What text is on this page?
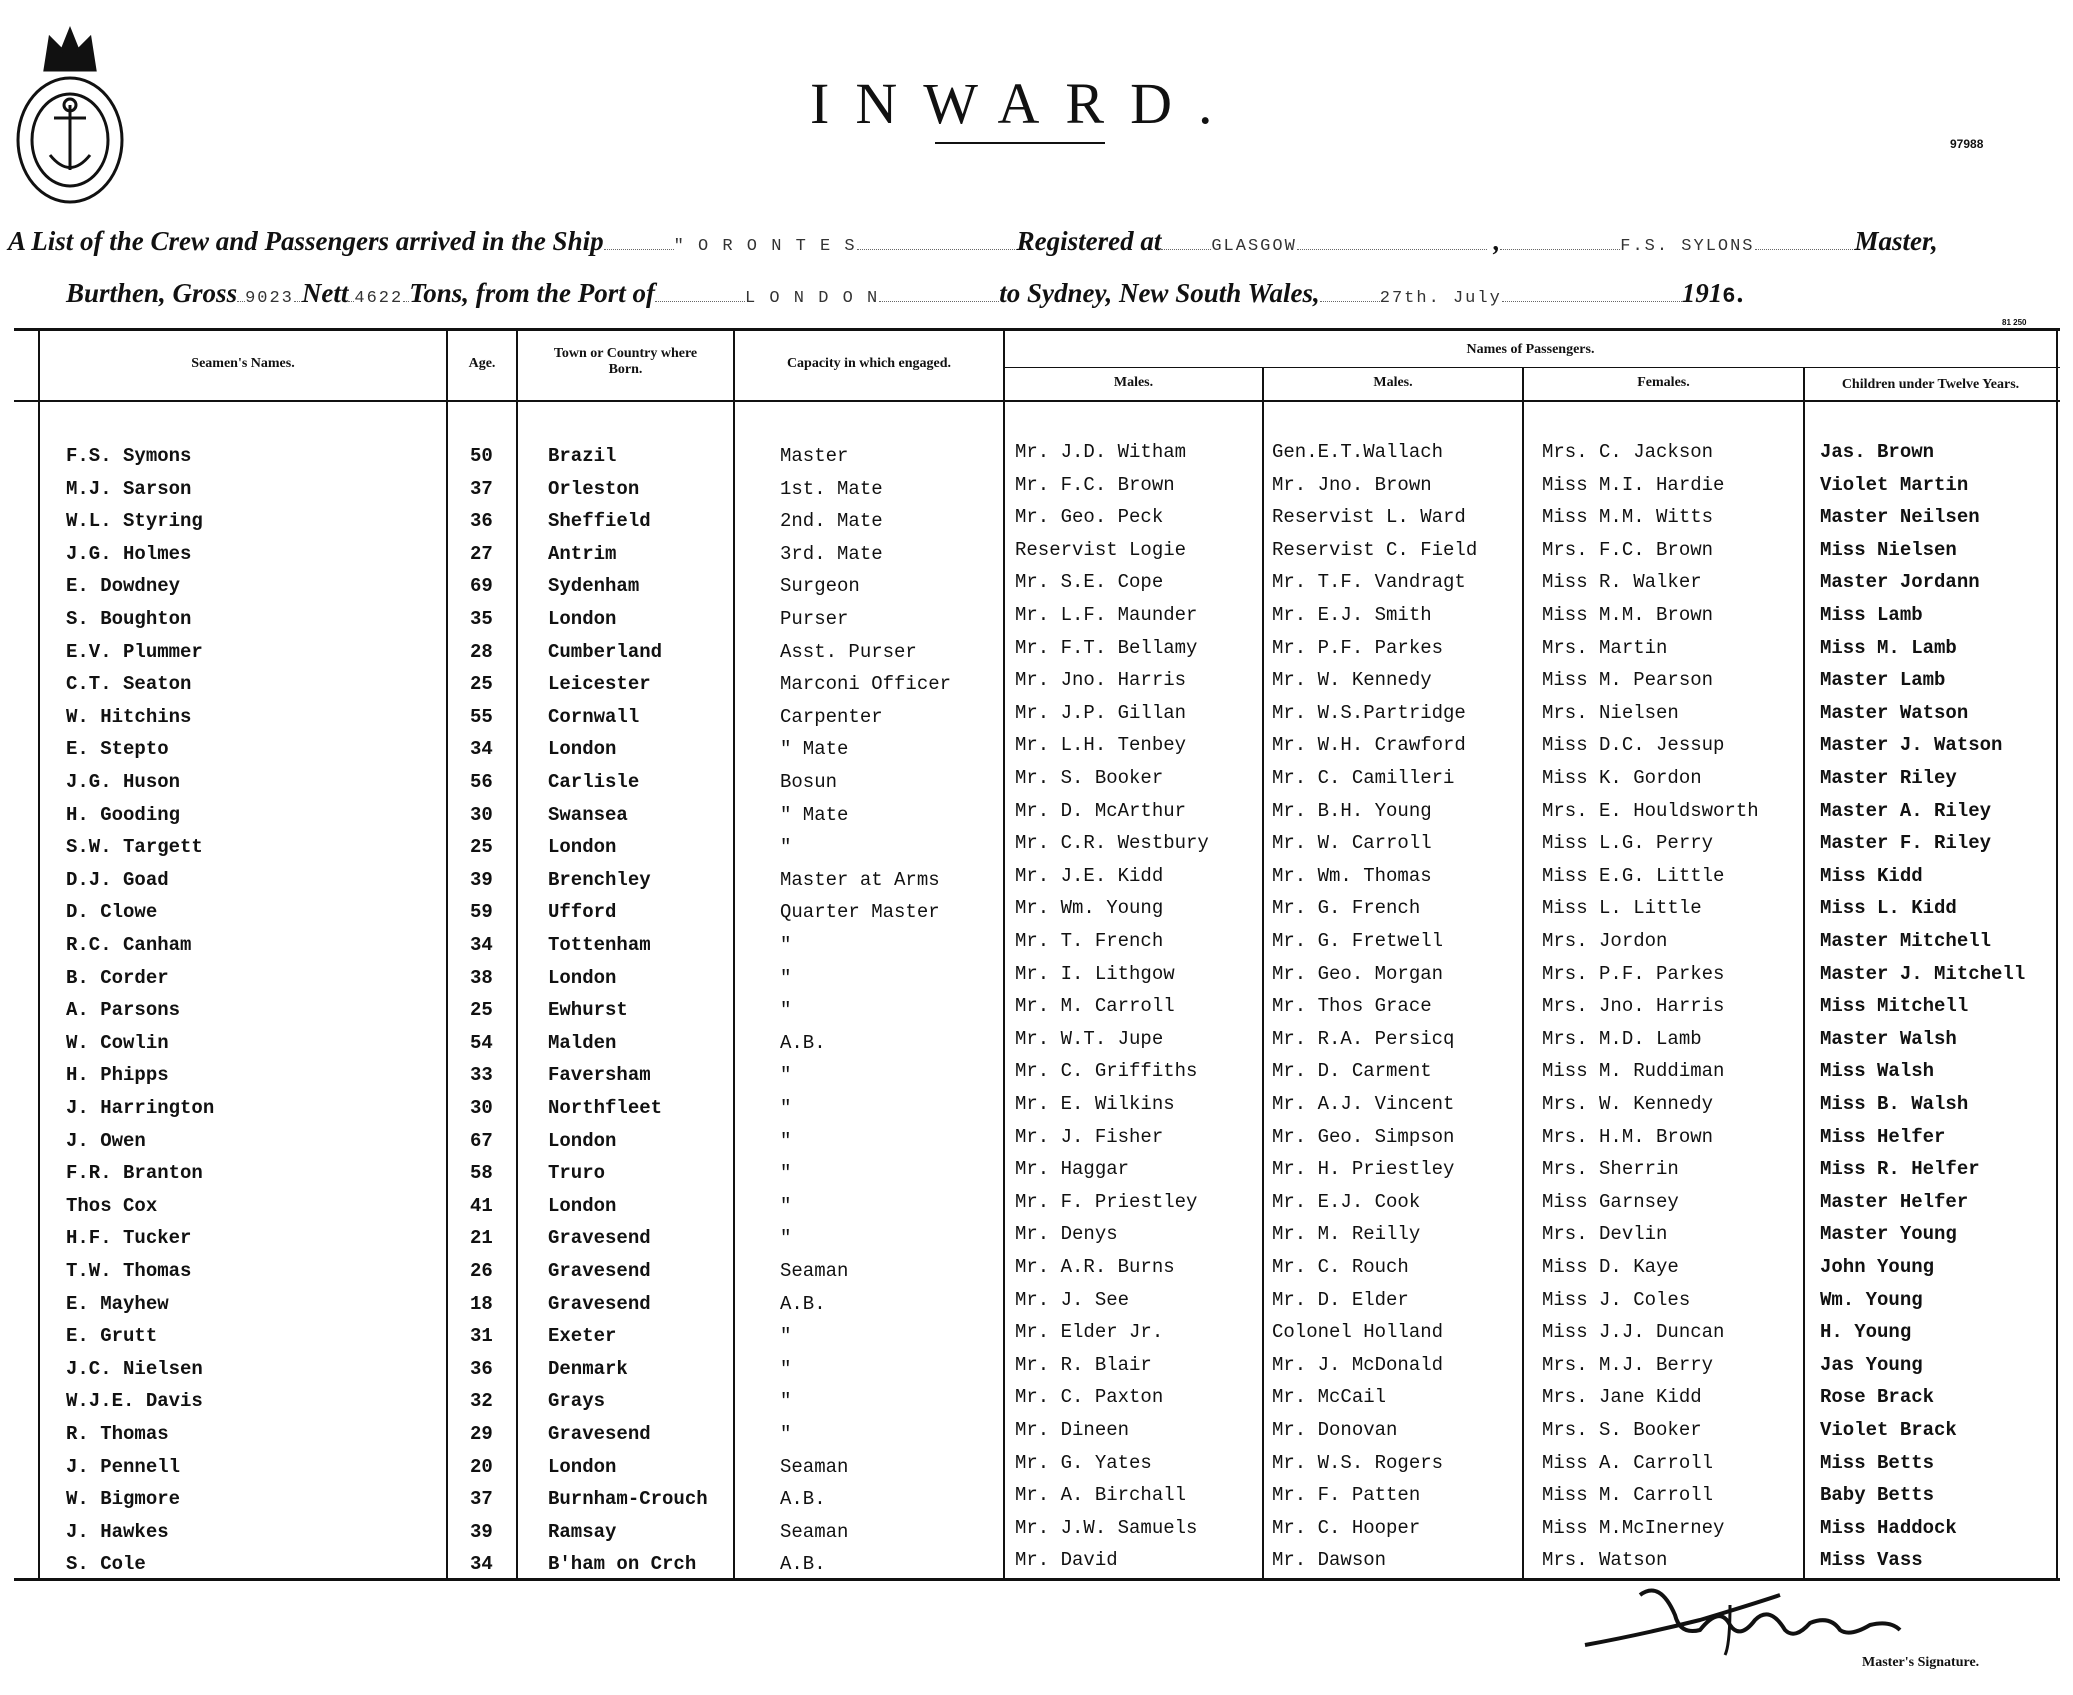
INWARD.
97988
A List of the Crew and Passengers arrived in the Ship	" O R O N T E S	Registered at	GLASGOW	,	F.S. SYLONS	Master,
Burthen, Gross 9023 Nett 4622 Tons, from the Port of	L O N D O N	to Sydney, New South Wales,	27th. July	1916.
81 250
Seamen's Names.	Age.
Town or Country where Born.	Capacity in which engaged.
Names of Passengers.
Males.	Males.	Females.	Children under Twelve Years.
F.S. Symons	50	Brazil	Master	Mr. J.D. Witham	Gen.E.T.Wallach	Mrs. C. Jackson	Jas. Brown
M.J. Sarson	37	Orleston	1st. Mate	Mr. F.C. Brown	Mr. Jno. Brown	Miss M.I. Hardie	Violet Martin
W.L. Styring	36	Sheffield	2nd. Mate	Mr. Geo. Peck	Reservist L. Ward	Miss M.M. Witts	Master Neilsen
J.G. Holmes	27	Antrim	3rd. Mate	Reservist Logie	Reservist C. Field	Mrs. F.C. Brown	Miss Nielsen
E. Dowdney	69	Sydenham	Surgeon	Mr. S.E. Cope	Mr. T.F. Vandragt	Miss R. Walker	Master Jordann
S. Boughton	35	London	Purser	Mr. L.F. Maunder	Mr. E.J. Smith	Miss M.M. Brown	Miss Lamb
E.V. Plummer	28	Cumberland	Asst. Purser	Mr. F.T. Bellamy	Mr. P.F. Parkes	Mrs. Martin	Miss M. Lamb
C.T. Seaton	25	Leicester	Marconi Officer	Mr. Jno. Harris	Mr. W. Kennedy	Miss M. Pearson	Master Lamb
W. Hitchins	55	Cornwall	Carpenter	Mr. J.P. Gillan	Mr. W.S.Partridge	Mrs. Nielsen	Master Watson
E. Stepto	34	London	" Mate	Mr. L.H. Tenbey	Mr. W.H. Crawford	Miss D.C. Jessup	Master J. Watson
J.G. Huson	56	Carlisle	Bosun	Mr. S. Booker	Mr. C. Camilleri	Miss K. Gordon	Master Riley
H. Gooding	30	Swansea	" Mate	Mr. D. McArthur	Mr. B.H. Young	Mrs. E. Houldsworth	Master A. Riley
S.W. Targett	25	London	"	Mr. C.R. Westbury	Mr. W. Carroll	Miss L.G. Perry	Master F. Riley
D.J. Goad	39	Brenchley	Master at Arms	Mr. J.E. Kidd	Mr. Wm. Thomas	Miss E.G. Little	Miss Kidd
D. Clowe	59	Ufford	Quarter Master	Mr. Wm. Young	Mr. G. French	Miss L. Little	Miss L. Kidd
R.C. Canham	34	Tottenham	"	Mr. T. French	Mr. G. Fretwell	Mrs. Jordon	Master Mitchell
B. Corder	38	London	"	Mr. I. Lithgow	Mr. Geo. Morgan	Mrs. P.F. Parkes	Master J. Mitchell
A. Parsons	25	Ewhurst	"	Mr. M. Carroll	Mr. Thos Grace	Mrs. Jno. Harris	Miss Mitchell
W. Cowlin	54	Malden	A.B.	Mr. W.T. Jupe	Mr. R.A. Persicq	Mrs. M.D. Lamb	Master Walsh
H. Phipps	33	Faversham	"	Mr. C. Griffiths	Mr. D. Carment	Miss M. Ruddiman	Miss Walsh
J. Harrington	30	Northfleet	"	Mr. E. Wilkins	Mr. A.J. Vincent	Mrs. W. Kennedy	Miss B. Walsh
J. Owen	67	London	"	Mr. J. Fisher	Mr. Geo. Simpson	Mrs. H.M. Brown	Miss Helfer
F.R. Branton	58	Truro	"	Mr. Haggar	Mr. H. Priestley	Mrs. Sherrin	Miss R. Helfer
Thos Cox	41	London	"	Mr. F. Priestley	Mr. E.J. Cook	Miss Garnsey	Master Helfer
H.F. Tucker	21	Gravesend	"	Mr. Denys	Mr. M. Reilly	Mrs. Devlin	Master Young
T.W. Thomas	26	Gravesend	Seaman	Mr. A.R. Burns	Mr. C. Rouch	Miss D. Kaye	John Young
E. Mayhew	18	Gravesend	A.B.	Mr. J. See	Mr. D. Elder	Miss J. Coles	Wm. Young
E. Grutt	31	Exeter	"	Mr. Elder Jr.	Colonel Holland	Miss J.J. Duncan	H. Young
J.C. Nielsen	36	Denmark	"	Mr. R. Blair	Mr. J. McDonald	Mrs. M.J. Berry	Jas Young
W.J.E. Davis	32	Grays	"	Mr. C. Paxton	Mr. McCail	Mrs. Jane Kidd	Rose Brack
R. Thomas	29	Gravesend	"	Mr. Dineen	Mr. Donovan	Mrs. S. Booker	Violet Brack
J. Pennell	20	London	Seaman	Mr. G. Yates	Mr. W.S. Rogers	Miss A. Carroll	Miss Betts
W. Bigmore	37	Burnham-Crouch	A.B.	Mr. A. Birchall	Mr. F. Patten	Miss M. Carroll	Baby Betts
J. Hawkes	39	Ramsay	Seaman	Mr. J.W. Samuels	Mr. C. Hooper	Miss M.McInerney	Miss Haddock
S. Cole	34	B'ham on Crch	A.B.	Mr. David	Mr. Dawson	Mrs. Watson	Miss Vass
Master's Signature.
